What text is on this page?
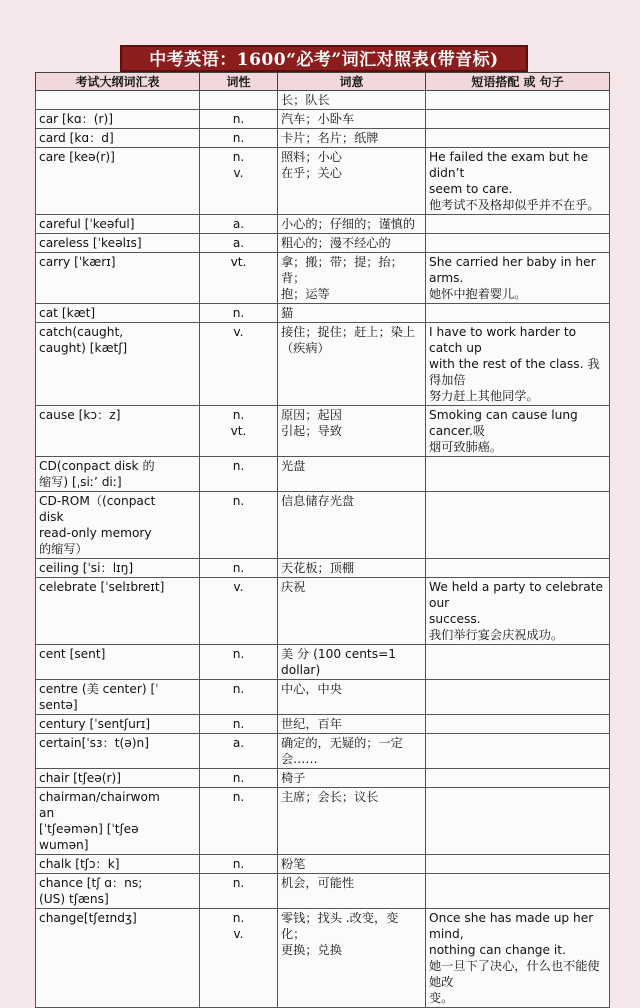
中考英语：1600“必考”词汇对照表(带音标)
考试大纲词汇表	词性	词意	短语搭配 或 句子

		长；队长	

car [kɑ：(r)]	n.	汽车；小卧车	

card [kɑ：d]	n.	卡片；名片；纸牌	

care [keə(r)]	n.
v.	照料；小心
在乎；关心	He failed the exam but he didn’t
seem to care.
他考试不及格却似乎并不在乎。

careful [ˈkeəful]	a.	小心的；仔细的；谨慎的	

careless [ˈkeəlɪs]	a.	粗心的；漫不经心的	

carry [ˈkærɪ]	vt.	拿；搬；带；提；抬；背；
抱；运等	She carried her baby in her arms.
她怀中抱着婴儿。

cat [kæt]	n.	猫	

catch(caught,
caught) [kætʃ]	v.	接住；捉住；赶上；染上
（疾病）	I have to work harder to catch up
with the rest of the class. 我得加倍
努力赶上其他同学。

cause [kɔ：z]	n.
vt.	原因；起因
引起；导致	Smoking can cause lung cancer.吸
烟可致肺癌。

CD(conpact disk 的
缩写) [ˌsiː’ diː]	n.	光盘	

CD-ROM（(conpact
disk
read-only memory
的缩写）	n.	信息储存光盘	

ceiling [ˈsi：lɪŋ]	n.	天花板；顶棚	

celebrate [ˈselɪbreɪt]	v.	庆祝	We held a party to celebrate our
success.
我们举行宴会庆祝成功。

cent [sent]	n.	美 分 (100 cents=1
dollar)	

centre (美 center) [ˈ
sentə]	n.	中心，中央	

century [ˈsentʃurɪ]	n.	世纪，百年	

certain[ˈsɜ：t(ə)n]	a.	确定的，无疑的；一定
会……	

chair [tʃeə(r)]	n.	椅子	

chairman/chairwom
an
[ˈtʃeəmən] [ˈtʃeə
wumən]	n.	主席；会长；议长	

chalk [tʃɔ：k]	n.	粉笔	

chance [tʃ ɑ：ns;
(US) tʃæns]	n.	机会，可能性	

change[tʃeɪndʒ]	n.
v.	零钱；找头 .改变，变化；
更换；兑换	Once she has made up her mind,
nothing can change it.
她一旦下了决心，什么也不能使她改
变。
